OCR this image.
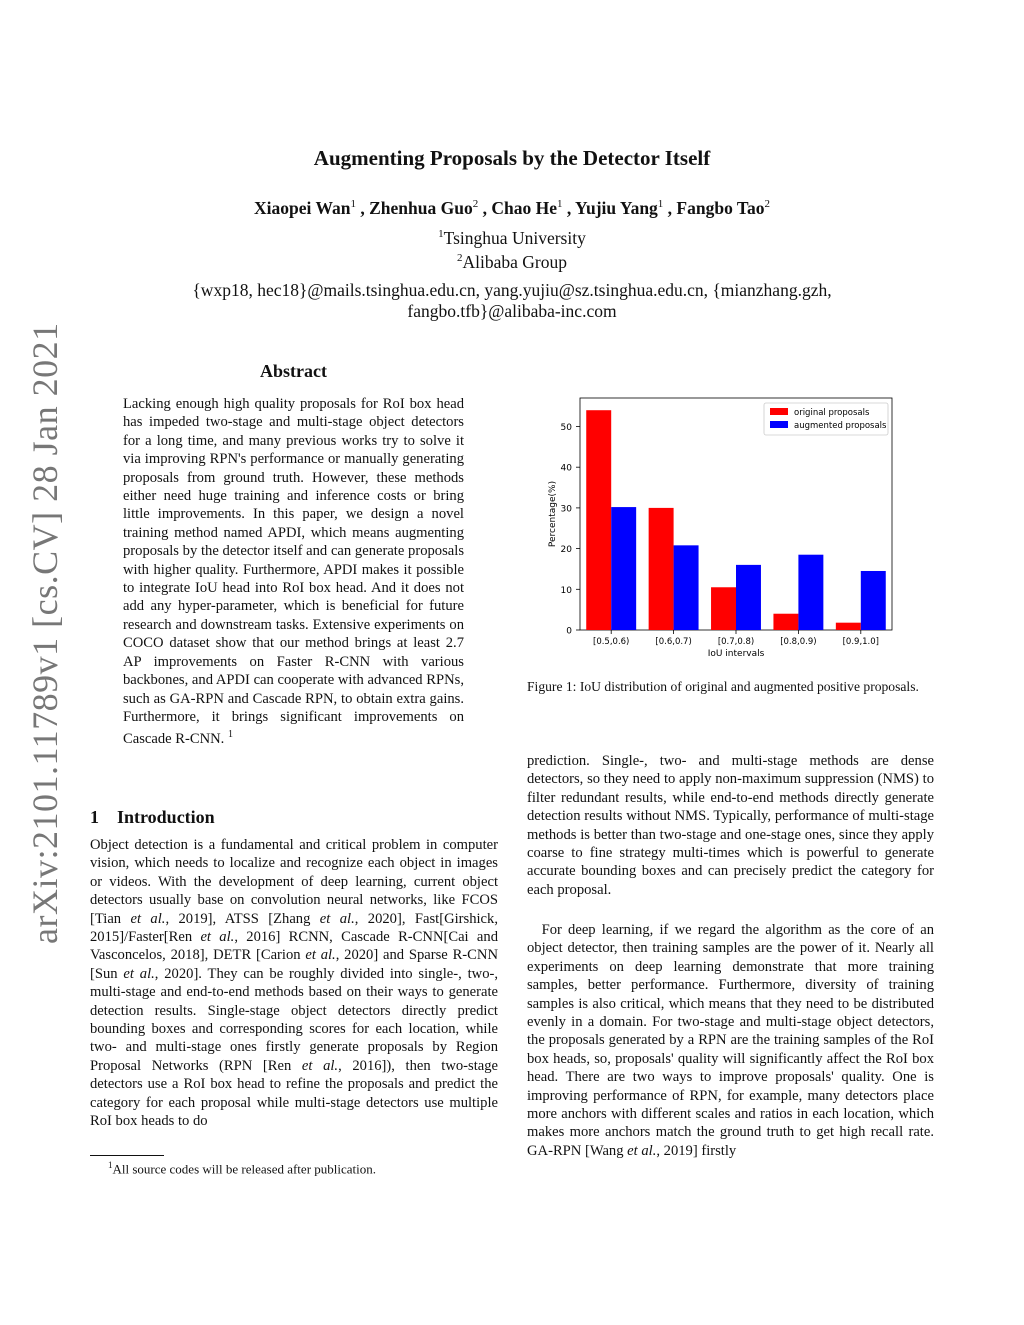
arXiv:2101.11789v1 [cs.CV] 28 Jan 2021
Augmenting Proposals by the Detector Itself
Xiaopei Wan$^1$ , Zhenhua Guo$^2$ , Chao He$^1$ , Yujiu Yang$^1$ , Fangbo Tao$^2$
$^1$Tsinghua University
$^2$Alibaba Group
{wxp18, hec18}@mails.tsinghua.edu.cn, yang.yujiu@sz.tsinghua.edu.cn, {mianzhang.gzh,
fangbo.tfb}@alibaba-inc.com
Abstract
Lacking enough high quality proposals for RoI box head has impeded two-stage and multi-stage object detectors for a long time, and many previous works try to solve it via improving RPN's performance or manually generating proposals from ground truth. However, these methods either need huge training and inference costs or bring little improvements. In this paper, we design a novel training method named APDI, which means augmenting proposals by the detector itself and can generate proposals with higher quality. Furthermore, APDI makes it possible to integrate IoU head into RoI box head. And it does not add any hyper-parameter, which is beneficial for future research and downstream tasks. Extensive experiments on COCO dataset show that our method brings at least 2.7 AP improvements on Faster R-CNN with various backbones, and APDI can cooperate with advanced RPNs, such as GA-RPN and Cascade RPN, to obtain extra gains. Furthermore, it brings significant improvements on Cascade R-CNN. $^1$
1 Introduction
Object detection is a fundamental and critical problem in computer vision, which needs to localize and recognize each object in images or videos. With the development of deep learning, current object detectors usually base on convolution neural networks, like FCOS [Tian et al., 2019], ATSS [Zhang et al., 2020], Fast[Girshick, 2015]/Faster[Ren et al., 2016] RCNN, Cascade R-CNN[Cai and Vasconcelos, 2018], DETR [Carion et al., 2020] and Sparse R-CNN [Sun et al., 2020]. They can be roughly divided into single-, two-, multi-stage and end-to-end methods based on their ways to generate detection results. Single-stage object detectors directly predict bounding boxes and corresponding scores for each location, while two- and multi-stage ones firstly generate proposals by Region Proposal Networks (RPN [Ren et al., 2016]), then two-stage detectors use a RoI box head to refine the proposals and predict the category for each proposal while multi-stage detectors use multiple RoI box heads to do
$^1$All source codes will be released after publication.
0
10
20
30
40
50
Percentage(%)
[0.5,0.6)	[0.6,0.7)	[0.7,0.8)	[0.8,0.9)	[0.9,1.0]
IoU intervals
original proposals
augmented proposals
Figure 1: IoU distribution of original and augmented positive proposals.
prediction. Single-, two- and multi-stage methods are dense detectors, so they need to apply non-maximum suppression (NMS) to filter redundant results, while end-to-end methods directly generate detection results without NMS. Typically, performance of multi-stage methods is better than two-stage and one-stage ones, since they apply coarse to fine strategy multi-times which is powerful to generate accurate bounding boxes and can precisely predict the category for each proposal.
For deep learning, if we regard the algorithm as the core of an object detector, then training samples are the power of it. Nearly all experiments on deep learning demonstrate that more training samples, better performance. Furthermore, diversity of training samples is also critical, which means that they need to be distributed evenly in a domain. For two-stage and multi-stage object detectors, the proposals generated by a RPN are the training samples of the RoI box heads, so, proposals' quality will significantly affect the RoI box head. There are two ways to improve proposals' quality. One is improving performance of RPN, for example, many detectors place more anchors with different scales and ratios in each location, which makes more anchors match the ground truth to get high recall rate. GA-RPN [Wang et al., 2019] firstly
